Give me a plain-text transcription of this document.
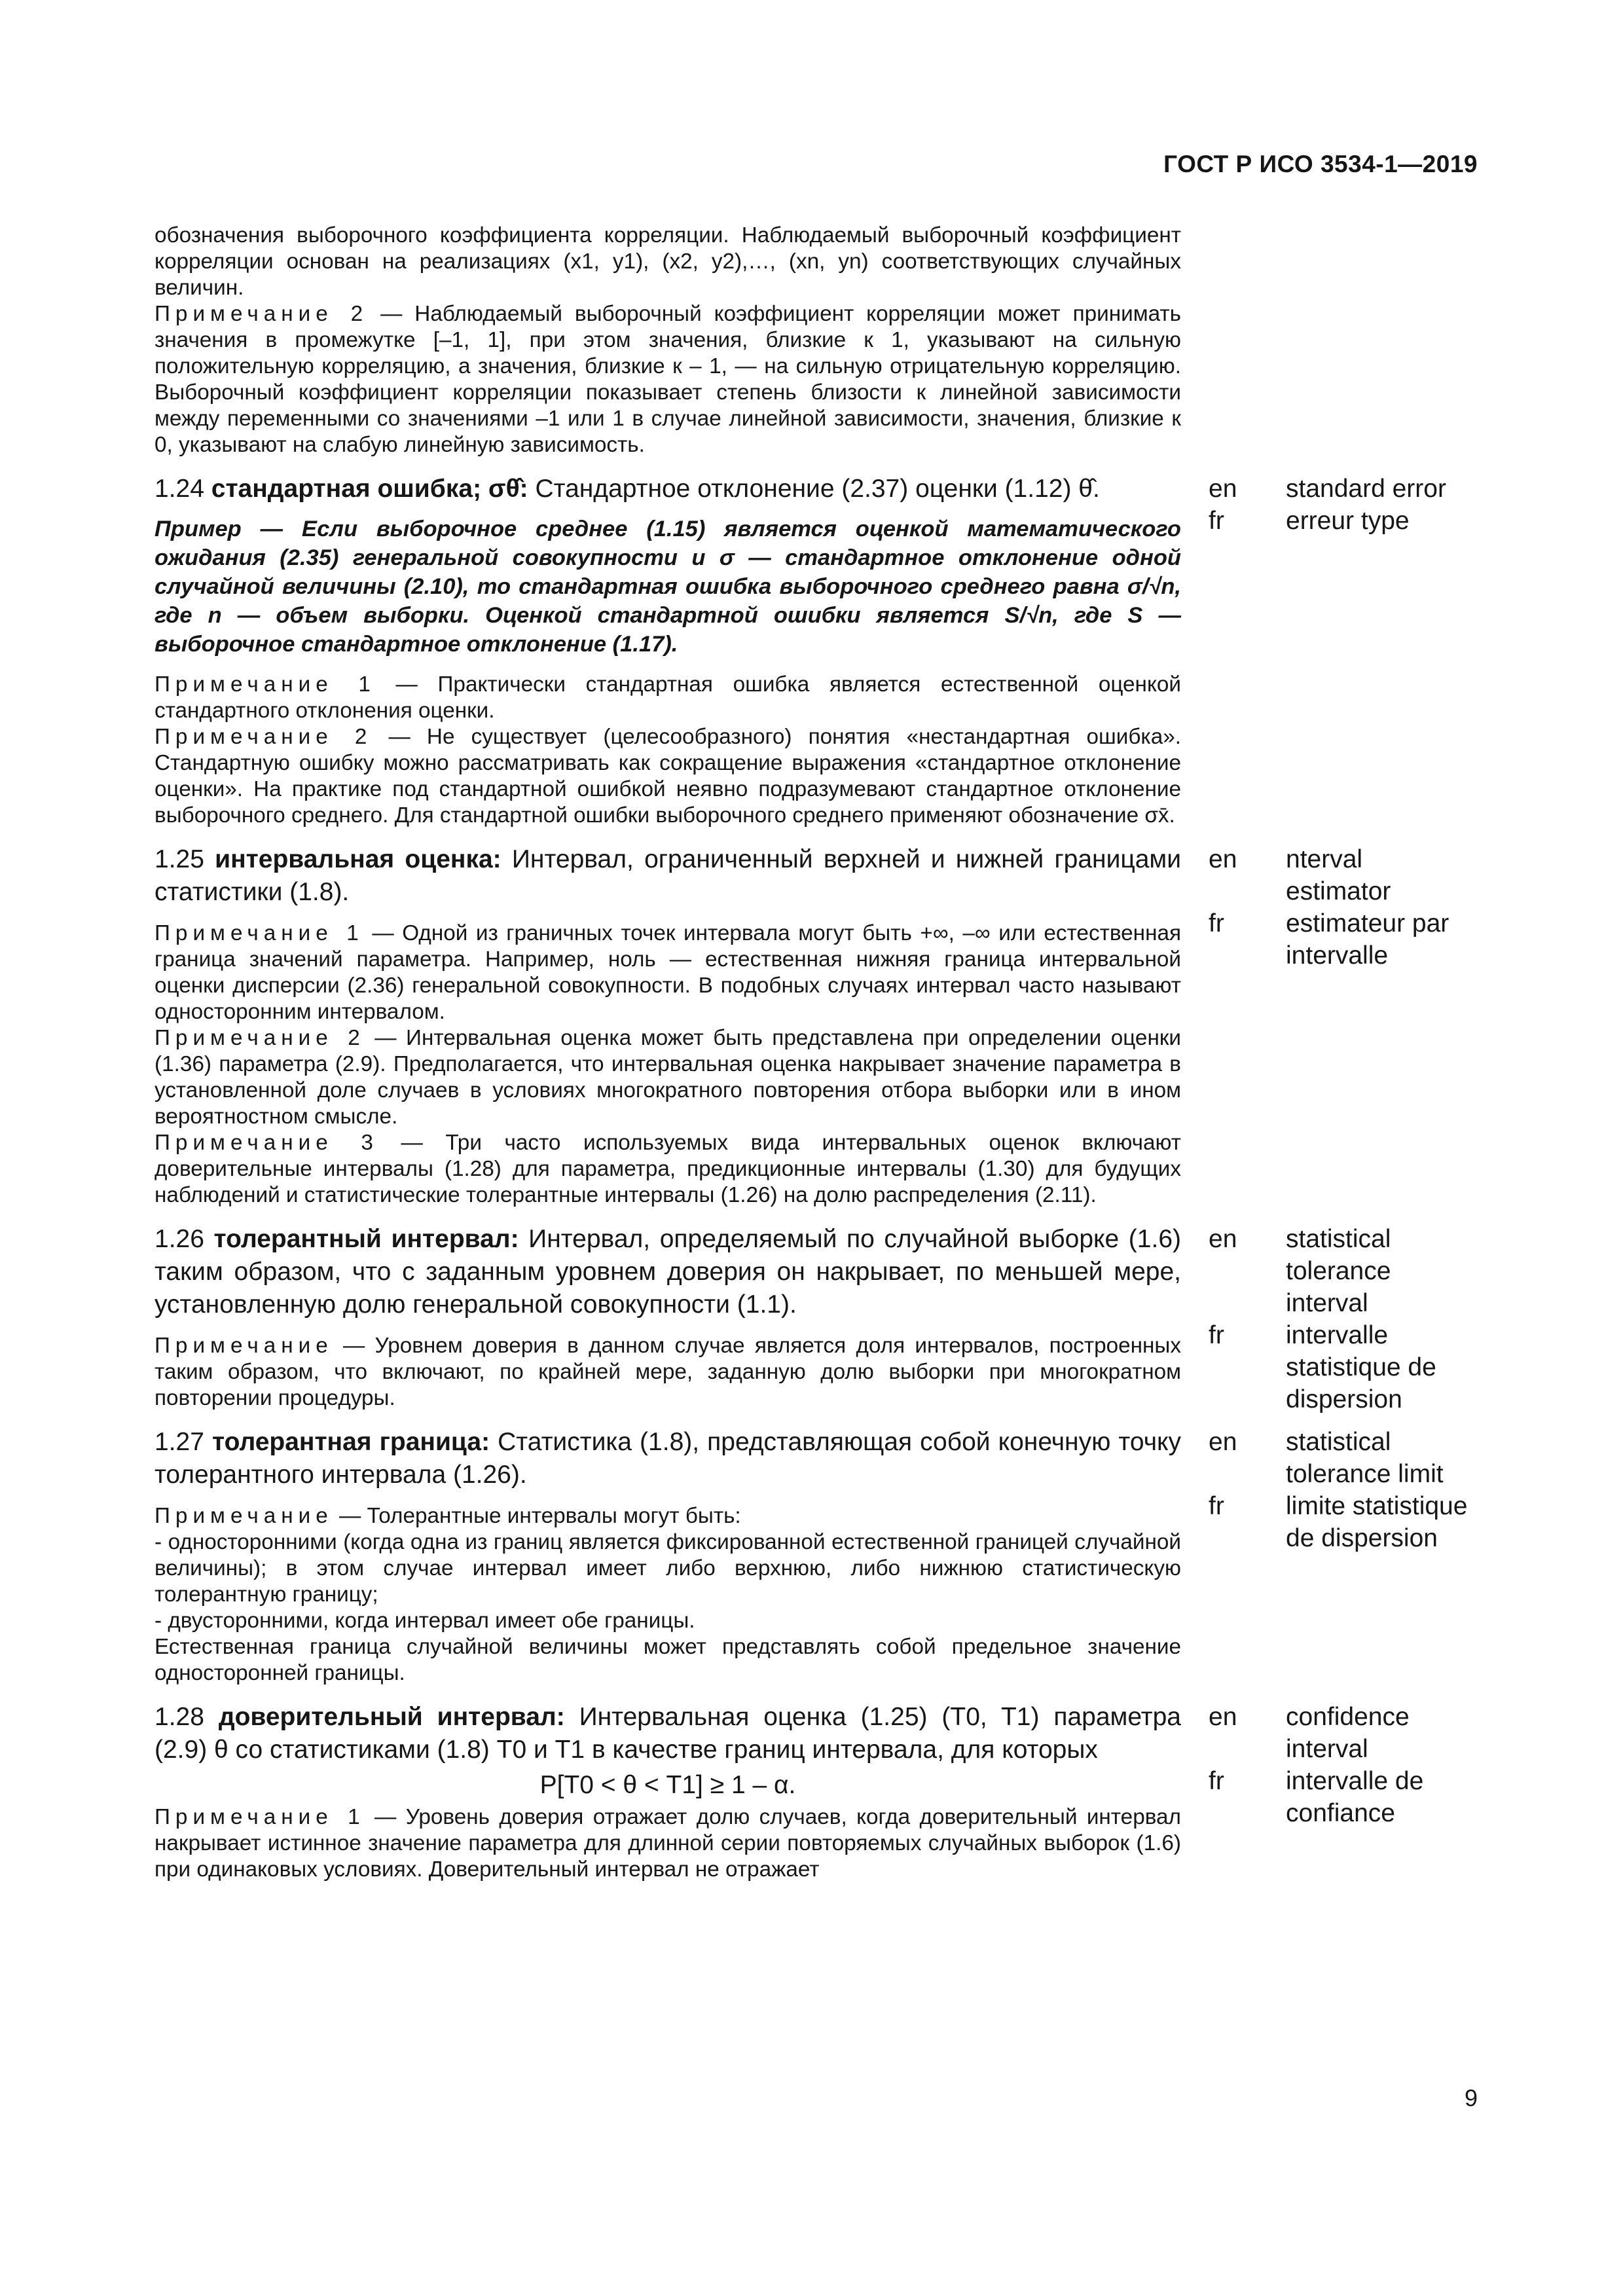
ГОСТ Р ИСО 3534-1—2019

обозначения выборочного коэффициента корреляции. Наблюдаемый выборочный коэффициент корреляции основан на реализациях (x1, y1), (x2, y2),…, (xn, yn) соответствующих случайных величин.

Примечание 2 — Наблюдаемый выборочный коэффициент корреляции может принимать значения в промежутке [–1, 1], при этом значения, близкие к 1, указывают на сильную положительную корреляцию, а значения, близкие к – 1, — на сильную отрицательную корреляцию. Выборочный коэффициент корреляции показывает степень близости к линейной зависимости между переменными со значениями –1 или 1 в случае линейной зависимости, значения, близкие к 0, указывают на слабую линейную зависимость.

1.24 стандартная ошибка; σθ̂: Стандартное отклонение (2.37) оценки (1.12) θ̂.

Пример — Если выборочное среднее (1.15) является оценкой математического ожидания (2.35) генеральной совокупности и σ — стандартное отклонение одной случайной величины (2.10), то стандартная ошибка выборочного среднего равна σ/√n, где n — объем выборки. Оценкой стандартной ошибки является S/√n, где S — выборочное стандартное отклонение (1.17).

Примечание 1 — Практически стандартная ошибка является естественной оценкой стандартного отклонения оценки.

Примечание 2 — Не существует (целесообразного) понятия «нестандартная ошибка». Стандартную ошибку можно рассматривать как сокращение выражения «стандартное отклонение оценки». На практике под стандартной ошибкой неявно подразумевают стандартное отклонение выборочного среднего. Для стандартной ошибки выборочного среднего применяют обозначение σx̄.

en	standard error
fr	erreur type

1.25 интервальная оценка: Интервал, ограниченный верхней и нижней границами статистики (1.8).

Примечание 1 — Одной из граничных точек интервала могут быть +∞, –∞ или естественная граница значений параметра. Например, ноль — естественная нижняя граница интервальной оценки дисперсии (2.36) генеральной совокупности. В подобных случаях интервал часто называют односторонним интервалом.

Примечание 2 — Интервальная оценка может быть представлена при определении оценки (1.36) параметра (2.9). Предполагается, что интервальная оценка накрывает значение параметра в установленной доле случаев в условиях многократного повторения отбора выборки или в ином вероятностном смысле.

Примечание 3 — Три часто используемых вида интервальных оценок включают доверительные интервалы (1.28) для параметра, предикционные интервалы (1.30) для будущих наблюдений и статистические толерантные интервалы (1.26) на долю распределения (2.11).

en	nterval estimator
fr	estimateur par intervalle

1.26 толерантный интервал: Интервал, определяемый по случайной выборке (1.6) таким образом, что с заданным уровнем доверия он накрывает, по меньшей мере, установленную долю генеральной совокупности (1.1).

Примечание — Уровнем доверия в данном случае является доля интервалов, построенных таким образом, что включают, по крайней мере, заданную долю выборки при многократном повторении процедуры.

en	statistical tolerance interval
fr	intervalle statistique de dispersion

1.27 толерантная граница: Статистика (1.8), представляющая собой конечную точку толерантного интервала (1.26).

Примечание — Толерантные интервалы могут быть:

- односторонними (когда одна из границ является фиксированной естественной границей случайной величины); в этом случае интервал имеет либо верхнюю, либо нижнюю статистическую толерантную границу;

- двусторонними, когда интервал имеет обе границы.

Естественная граница случайной величины может представлять собой предельное значение односторонней границы.

en	statistical tolerance limit
fr	limite statistique de dispersion

1.28 доверительный интервал: Интервальная оценка (1.25) (T0, T1) параметра (2.9) θ со статистиками (1.8) T0 и T1 в качестве границ интервала, для которых

P[T0 < θ < T1] ≥ 1 – α.

Примечание 1 — Уровень доверия отражает долю случаев, когда доверительный интервал накрывает истинное значение параметра для длинной серии повторяемых случайных выборок (1.6) при одинаковых условиях. Доверительный интервал не отражает

en	confidence interval
fr	intervalle de confiance
9
